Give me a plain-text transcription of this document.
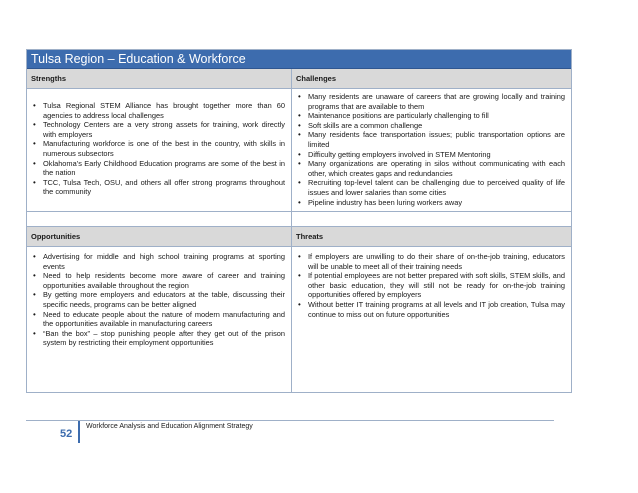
Tulsa Region – Education & Workforce
Strengths	Challenges
• Tulsa Regional STEM Alliance has brought together more than 60 agencies to address local challenges
• Technology Centers are a very strong assets for training, work directly with employers
• Manufacturing workforce is one of the best in the country, with skills in numerous subsectors
• Oklahoma’s Early Childhood Education programs are some of the best in the nation
• TCC, Tulsa Tech, OSU, and others all offer strong programs throughout the community
• Many residents are unaware of careers that are growing locally and training programs that are available to them
• Maintenance positions are particularly challenging to fill
• Soft skills are a common challenge
• Many residents face transportation issues; public transportation options are limited
• Difficulty getting employers involved in STEM Mentoring
• Many organizations are operating in silos without communicating with each other, which creates gaps and redundancies
• Recruiting top-level talent can be challenging due to perceived quality of life issues and lower salaries than some cities
• Pipeline industry has been luring workers away
Opportunities	Threats
• Advertising for middle and high school training programs at sporting events
• Need to help residents become more aware of career and training opportunities available throughout the region
• By getting more employers and educators at the table, discussing their specific needs, programs can be better aligned
• Need to educate people about the nature of modern manufacturing and the opportunities available in manufacturing careers
• “Ban the box” – stop punishing people after they get out of the prison system by restricting their employment opportunities
• If employers are unwilling to do their share of on-the-job training, educators will be unable to meet all of their training needs
• If potential employees are not better prepared with soft skills, STEM skills, and other basic education, they will still not be ready for on-the-job training opportunities offered by employers
• Without better IT training programs at all levels and IT job creation, Tulsa may continue to miss out on future opportunities
52
Workforce Analysis and Education Alignment Strategy
